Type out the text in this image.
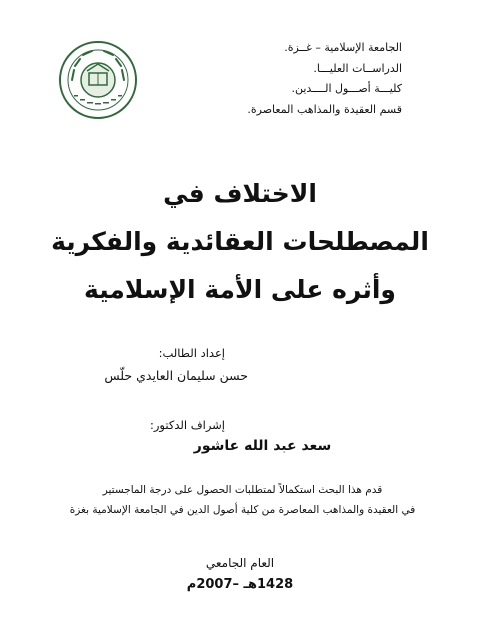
الجامعة الإسلامية – غــزة.
الدراســات العليـــا.
كليـــة أصـــول الــــدين.
قسم العقيدة والمذاهب المعاصرة.
الاختلاف في
المصطلحات العقائدية والفكرية
وأثره على الأمة الإسلامية
إعداد الطالب:
حسن سليمان العايدي حلّس
إشراف الدكتور:
سعد عبد الله عاشور
قدم هذا البحث استكمالاً لمتطلبات الحصول على درجة الماجستير
في العقيدة والمذاهب المعاصرة من كلية أصول الدين في الجامعة الإسلامية بغزة
العام الجامعي
1428هـ –2007م
